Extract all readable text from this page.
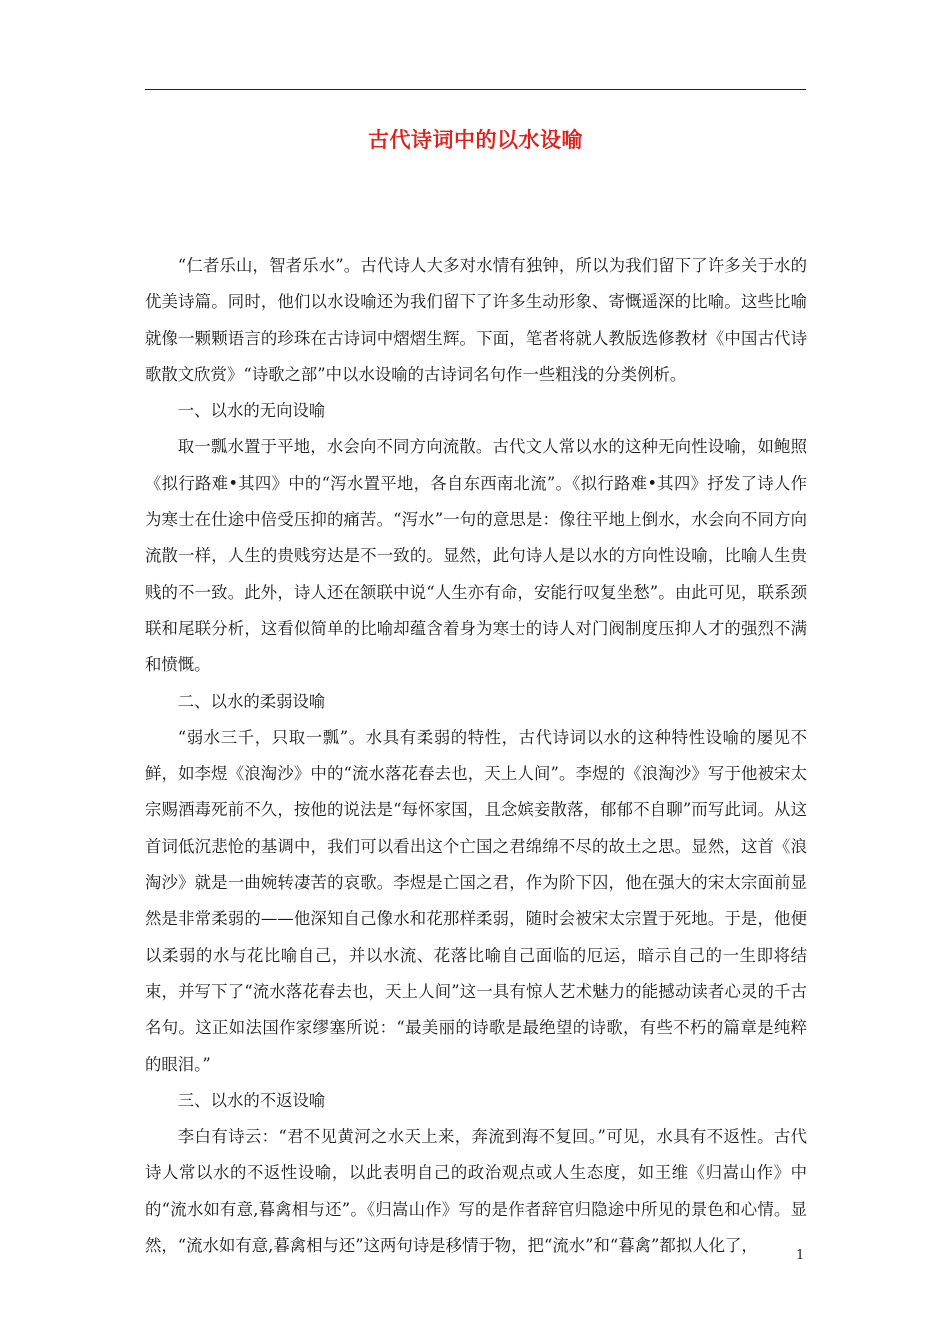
古代诗词中的以水设喻

“仁者乐山，智者乐水”。古代诗人大多对水情有独钟，所以为我们留下了许多关于水的优美诗篇。同时，他们以水设喻还为我们留下了许多生动形象、寄慨遥深的比喻。这些比喻就像一颗颗语言的珍珠在古诗词中熠熠生辉。下面，笔者将就人教版选修教材《中国古代诗歌散文欣赏》“诗歌之部”中以水设喻的古诗词名句作一些粗浅的分类例析。

一、以水的无向设喻

取一瓢水置于平地，水会向不同方向流散。古代文人常以水的这种无向性设喻，如鲍照《拟行路难•其四》中的“泻水置平地，各自东西南北流”。《拟行路难•其四》抒发了诗人作为寒士在仕途中倍受压抑的痛苦。“泻水”一句的意思是：像往平地上倒水，水会向不同方向流散一样，人生的贵贱穷达是不一致的。显然，此句诗人是以水的方向性设喻，比喻人生贵贱的不一致。此外，诗人还在颔联中说“人生亦有命，安能行叹复坐愁”。由此可见，联系颈联和尾联分析，这看似简单的比喻却蕴含着身为寒士的诗人对门阀制度压抑人才的强烈不满和愤慨。

二、以水的柔弱设喻

“弱水三千，只取一瓢”。水具有柔弱的特性，古代诗词以水的这种特性设喻的屡见不鲜，如李煜《浪淘沙》中的“流水落花春去也，天上人间”。李煜的《浪淘沙》写于他被宋太宗赐酒毒死前不久，按他的说法是“每怀家国，且念嫔妾散落，郁郁不自聊”而写此词。从这首词低沉悲怆的基调中，我们可以看出这个亡国之君绵绵不尽的故土之思。显然，这首《浪淘沙》就是一曲婉转凄苦的哀歌。李煜是亡国之君，作为阶下囚，他在强大的宋太宗面前显然是非常柔弱的——他深知自己像水和花那样柔弱，随时会被宋太宗置于死地。于是，他便以柔弱的水与花比喻自己，并以水流、花落比喻自己面临的厄运，暗示自己的一生即将结束，并写下了“流水落花春去也，天上人间”这一具有惊人艺术魅力的能撼动读者心灵的千古名句。这正如法国作家缪塞所说：“最美丽的诗歌是最绝望的诗歌，有些不朽的篇章是纯粹的眼泪。”

三、以水的不返设喻

李白有诗云：“君不见黄河之水天上来，奔流到海不复回。”可见，水具有不返性。古代诗人常以水的不返性设喻，以此表明自己的政治观点或人生态度，如王维《归嵩山作》中的“流水如有意,暮禽相与还”。《归嵩山作》写的是作者辞官归隐途中所见的景色和心情。显然，“流水如有意,暮禽相与还”这两句诗是移情于物，把“流水”和“暮禽”都拟人化了，

1
